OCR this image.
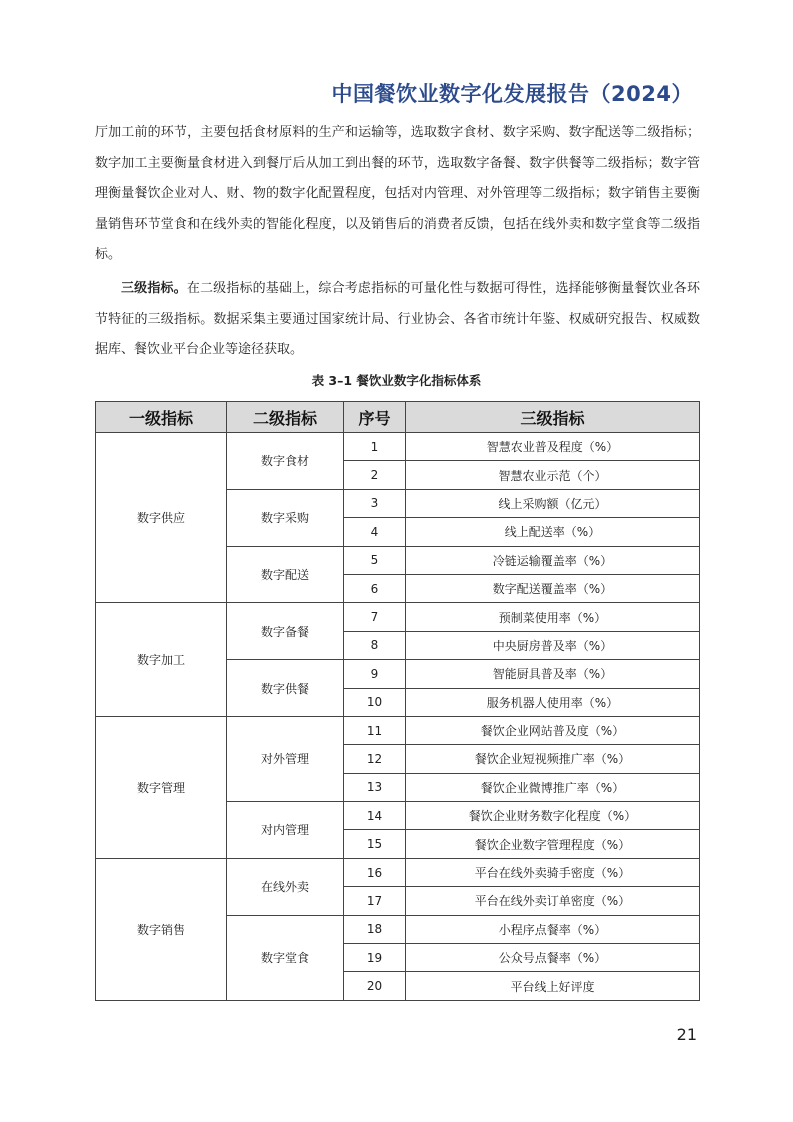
中国餐饮业数字化发展报告（2024）

厅加工前的环节，主要包括食材原料的生产和运输等，选取数字食材、数字采购、数字配送等二级指标；数字加工主要衡量食材进入到餐厅后从加工到出餐的环节，选取数字备餐、数字供餐等二级指标；数字管理衡量餐饮企业对人、财、物的数字化配置程度，包括对内管理、对外管理等二级指标；数字销售主要衡量销售环节堂食和在线外卖的智能化程度，以及销售后的消费者反馈，包括在线外卖和数字堂食等二级指标。

三级指标。在二级指标的基础上，综合考虑指标的可量化性与数据可得性，选择能够衡量餐饮业各环节特征的三级指标。数据采集主要通过国家统计局、行业协会、各省市统计年鉴、权威研究报告、权威数据库、餐饮业平台企业等途径获取。

表 3–1 餐饮业数字化指标体系
一级指标	二级指标	序号	三级指标
数字供应	数字食材	1	智慧农业普及程度（%）
		2	智慧农业示范（个）
	数字采购	3	线上采购额（亿元）
		4	线上配送率（%）
	数字配送	5	冷链运输覆盖率（%）
		6	数字配送覆盖率（%）
数字加工	数字备餐	7	预制菜使用率（%）
		8	中央厨房普及率（%）
	数字供餐	9	智能厨具普及率（%）
		10	服务机器人使用率（%）
数字管理	对外管理	11	餐饮企业网站普及度（%）
		12	餐饮企业短视频推广率（%）
		13	餐饮企业微博推广率（%）
	对内管理	14	餐饮企业财务数字化程度（%）
		15	餐饮企业数字管理程度（%）
数字销售	在线外卖	16	平台在线外卖骑手密度（%）
		17	平台在线外卖订单密度（%）
	数字堂食	18	小程序点餐率（%）
		19	公众号点餐率（%）
		20	平台线上好评度
21
